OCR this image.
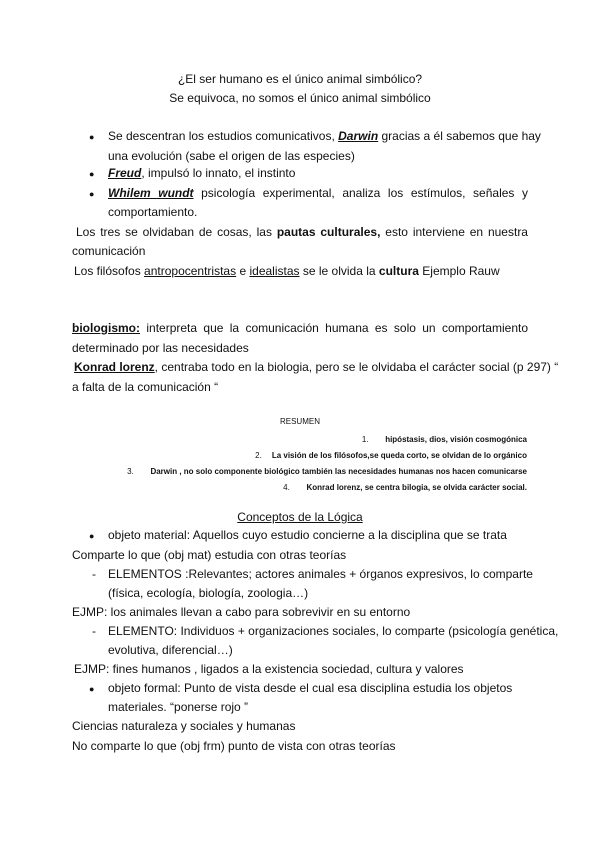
¿El ser humano es el único animal simbólico?
Se equivoca, no somos el único animal simbólico
● Se descentran los estudios comunicativos, Darwin gracias a él sabemos que hay
una evolución (sabe el origen de las especies)
● Freud, impulsó lo innato, el instinto
● Whilem wundt psicología experimental, analiza los estímulos, señales y
comportamiento.
Los tres se olvidaban de cosas, las pautas culturales, esto interviene en nuestra
comunicación
Los filósofos antropocentristas e idealistas se le olvida la cultura Ejemplo Rauw
biologismo: interpreta que la comunicación humana es solo un comportamiento
determinado por las necesidades
Konrad lorenz, centraba todo en la biologia, pero se le olvidaba el carácter social (p 297) “
a falta de la comunicación “
RESUMEN
1. hipóstasis, dios, visión cosmogónica
2. La visión de los filósofos,se queda corto, se olvidan de lo orgánico
3. Darwin , no solo componente biológico también las necesidades humanas nos hacen comunicarse
4. Konrad lorenz, se centra bilogia, se olvida carácter social.
Conceptos de la Lógica
● objeto material: Aquellos cuyo estudio concierne a la disciplina que se trata
Comparte lo que (obj mat) estudia con otras teorías
- ELEMENTOS :Relevantes; actores animales + órganos expresivos, lo comparte
(física, ecología, biología, zoologia…)
EJMP: los animales llevan a cabo para sobrevivir en su entorno
- ELEMENTO: Individuos + organizaciones sociales, lo comparte (psicología genética,
evolutiva, diferencial…)
EJMP: fines humanos , ligados a la existencia sociedad, cultura y valores
● objeto formal: Punto de vista desde el cual esa disciplina estudia los objetos
materiales. “ponerse rojo ”
Ciencias naturaleza y sociales y humanas
No comparte lo que (obj frm) punto de vista con otras teorías
